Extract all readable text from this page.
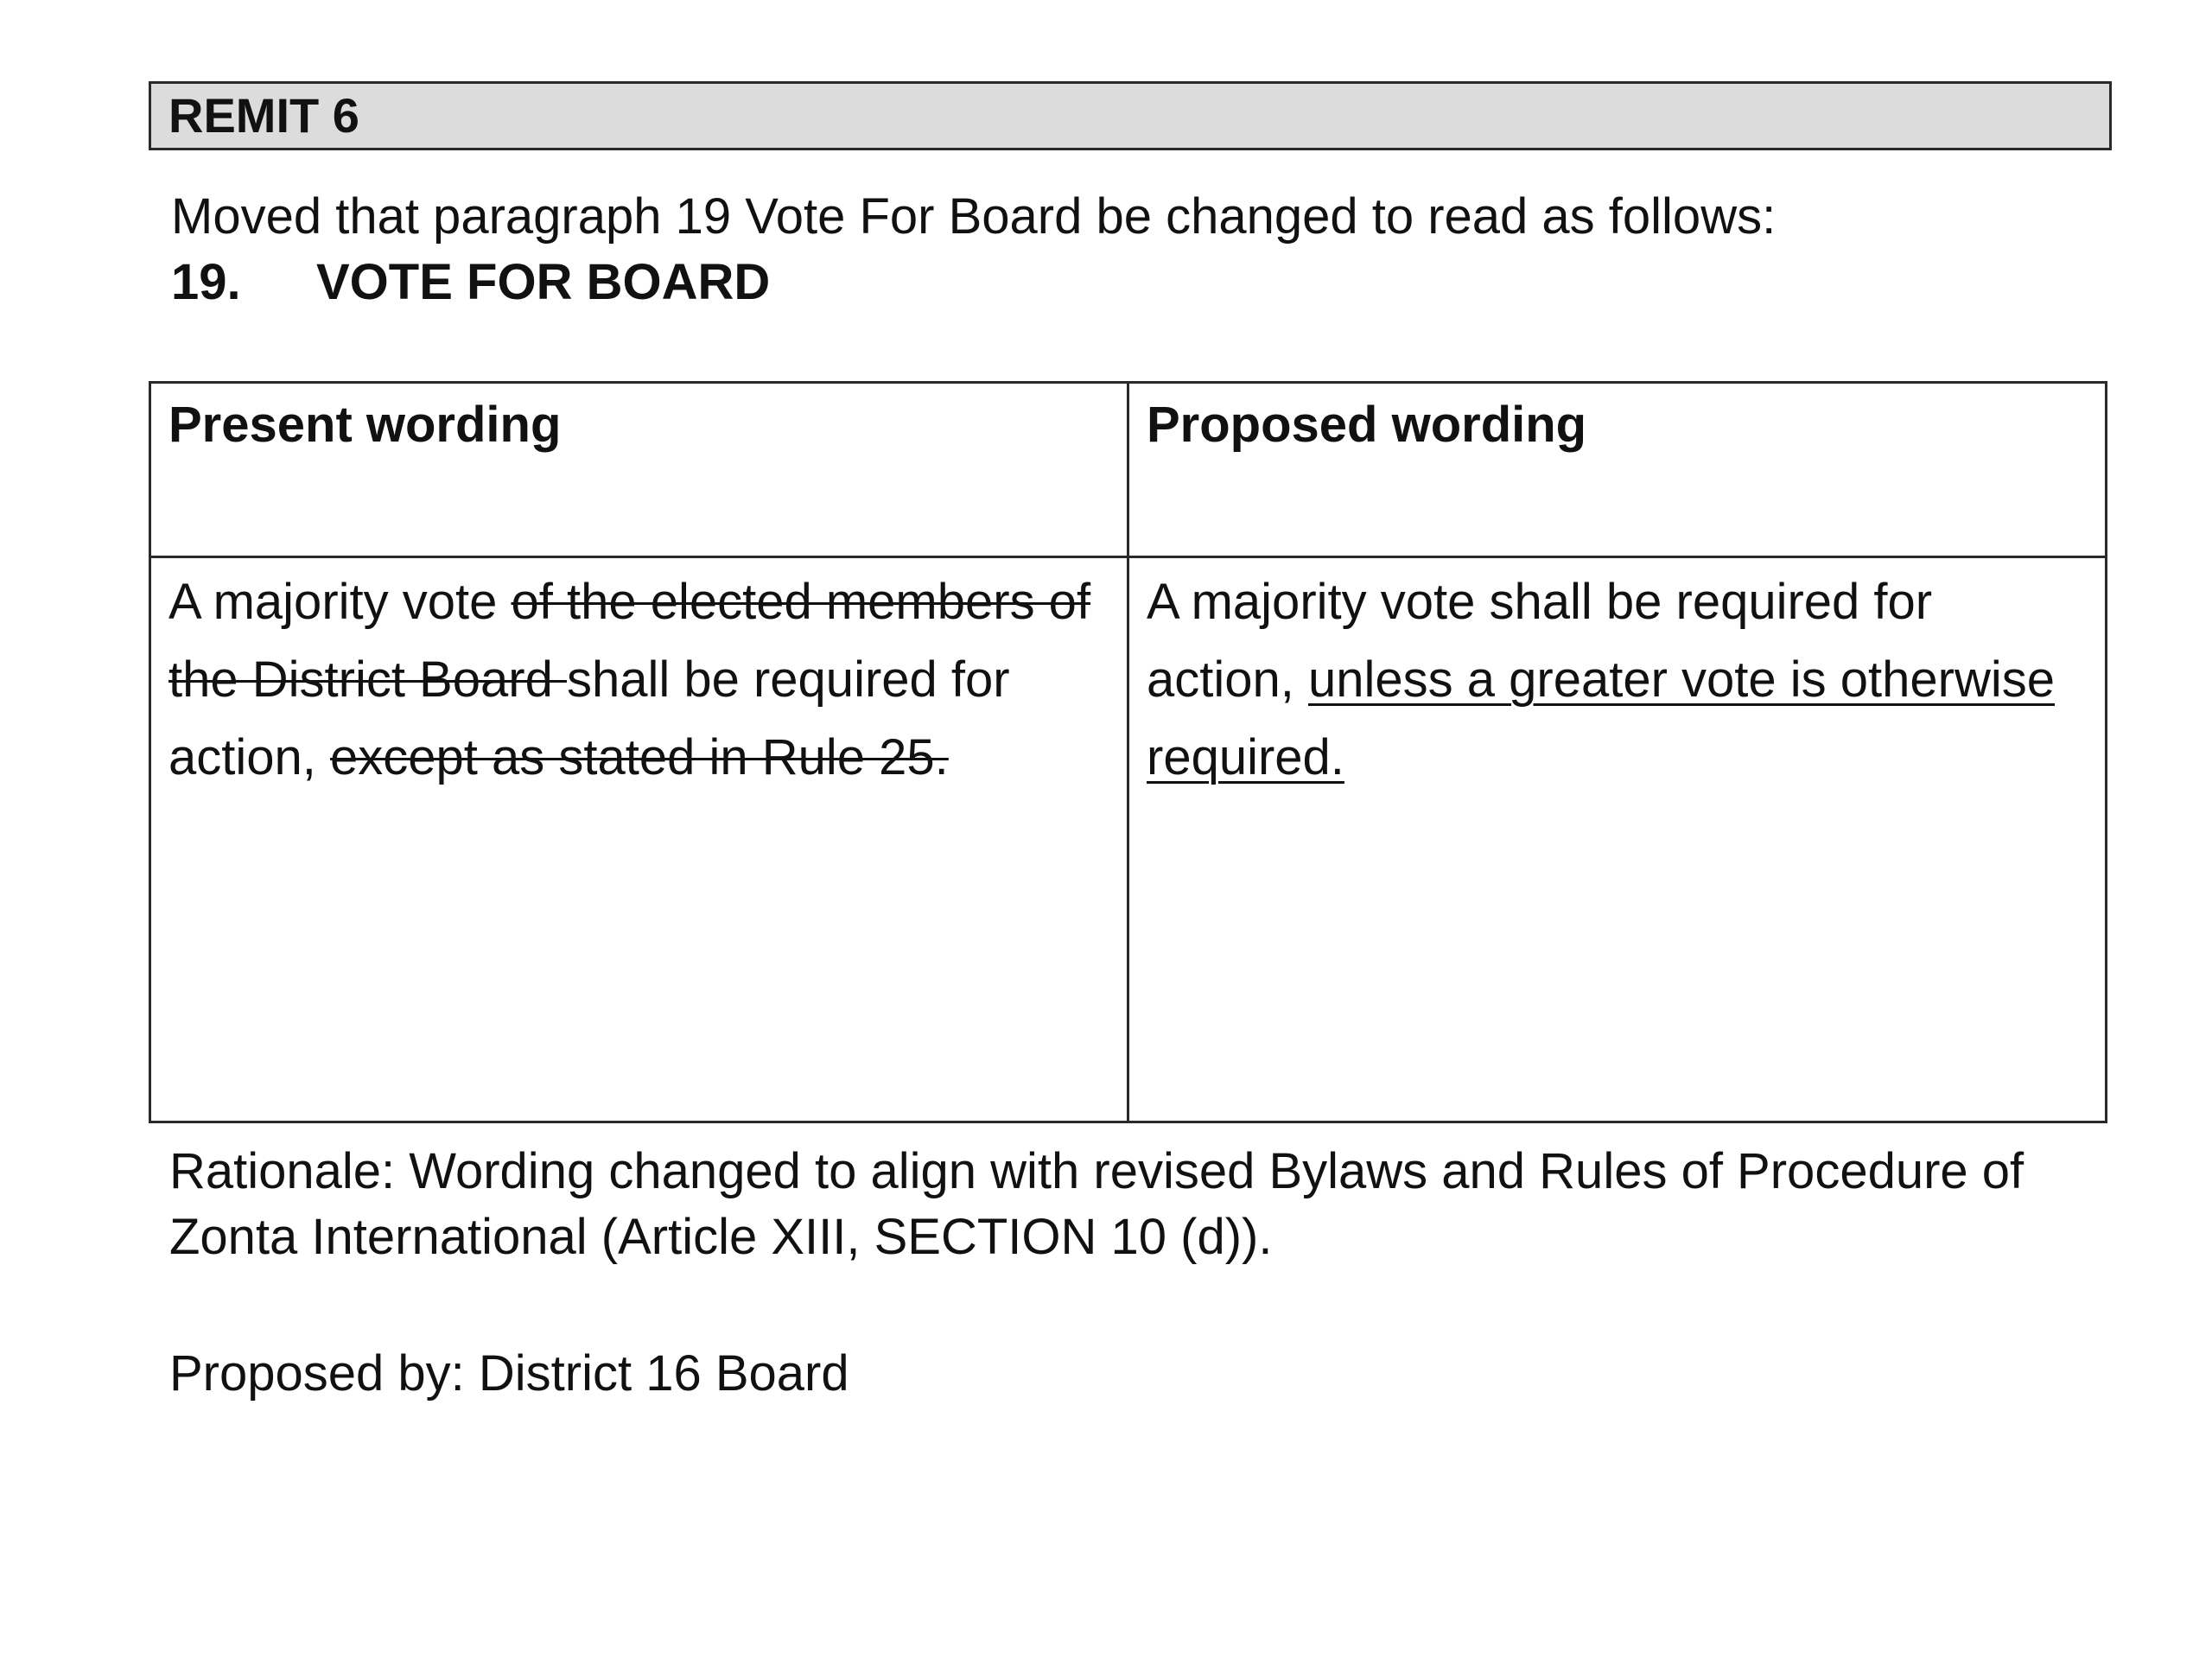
REMIT 6
Moved that paragraph 19 Vote For Board be changed to read as follows:
19. VOTE FOR BOARD
Present wording	Proposed wording
A majority vote of the elected members of the District Board shall be required for action, except as stated in Rule 25.	A majority vote shall be required for action, unless a greater vote is otherwise required.
Rationale: Wording changed to align with revised Bylaws and Rules of Procedure of Zonta International (Article XIII, SECTION 10 (d)).
Proposed by: District 16 Board
